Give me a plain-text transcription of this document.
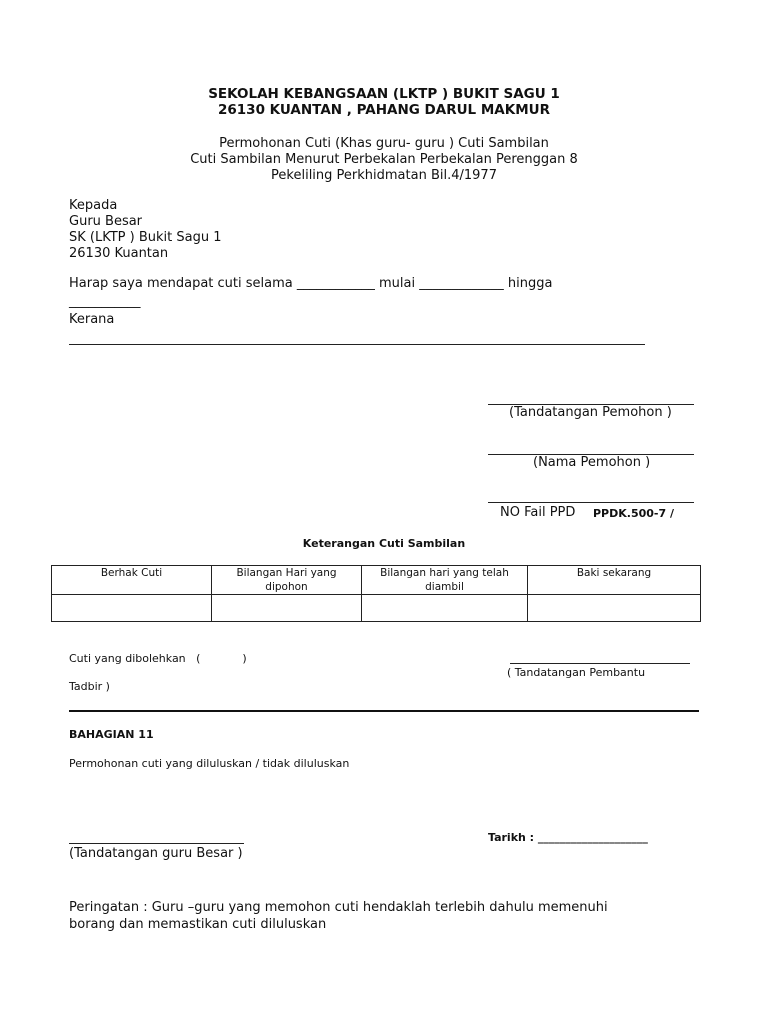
SEKOLAH KEBANGSAAN (LKTP ) BUKIT SAGU 1
26130 KUANTAN , PAHANG DARUL MAKMUR
Permohonan Cuti (Khas guru- guru ) Cuti Sambilan
Cuti Sambilan Menurut Perbekalan Perbekalan Perenggan 8
Pekeliling Perkhidmatan Bil.4/1977
Kepada
Guru Besar
SK (LKTP ) Bukit Sagu 1
26130 Kuantan
Harap saya mendapat cuti selama ____________ mulai _____________ hingga
___________
Kerana
(Tandatangan Pemohon )
(Nama Pemohon )
NO Fail PPD PPDK.500-7 /
Keterangan Cuti Sambilan
Berhak Cuti	Bilangan Hari yang dipohon	Bilangan hari yang telah diambil	Baki sekarang

Cuti yang dibolehkan   (            )
( Tandatangan Pembantu
Tadbir )
BAHAGIAN 11
Permohonan cuti yang diluluskan / tidak diluluskan
(Tandatangan guru Besar )
Tarikh : ____________________
Peringatan : Guru –guru yang memohon cuti hendaklah terlebih dahulu memenuhi
borang dan memastikan cuti diluluskan
